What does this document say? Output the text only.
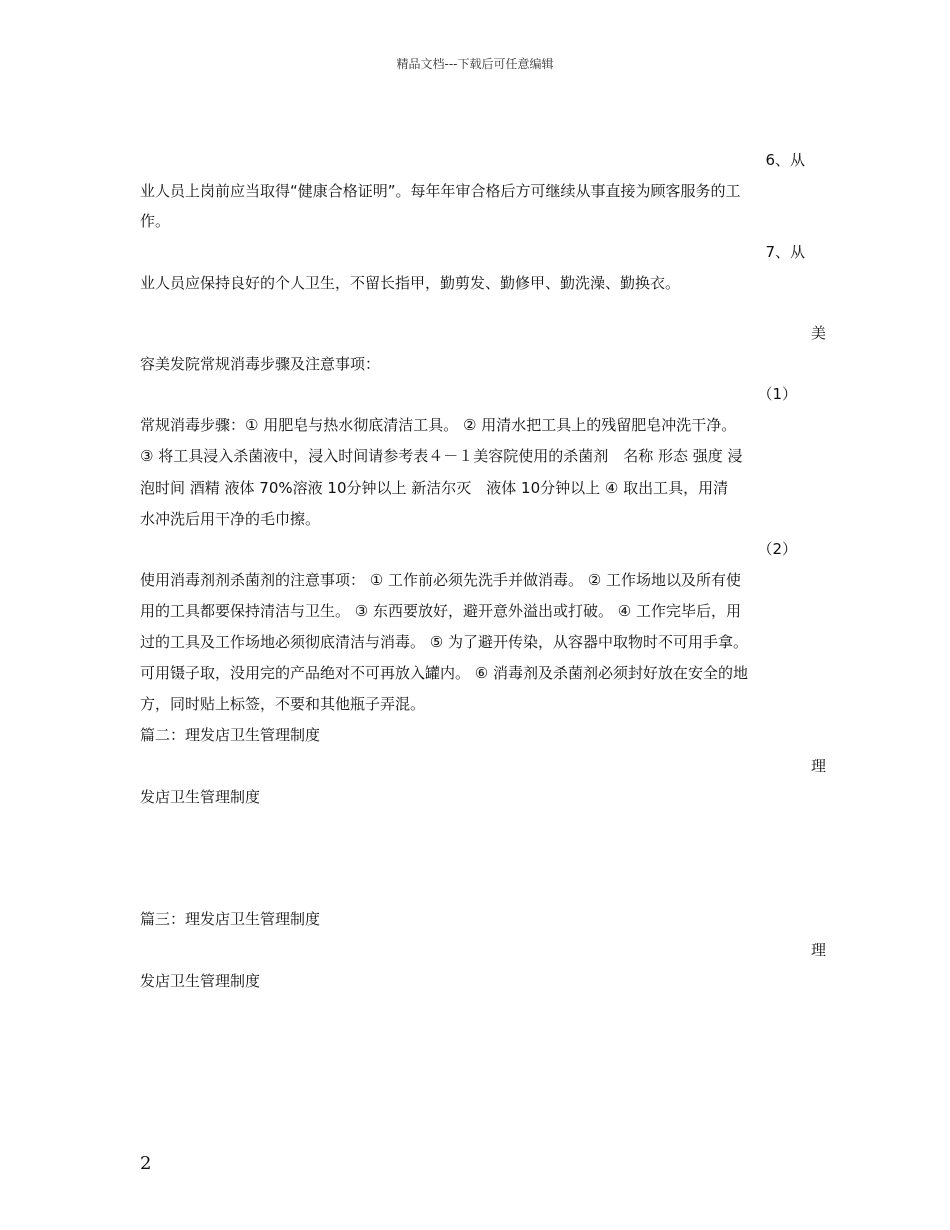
精品文档---下载后可任意编辑
6、从
业人员上岗前应当取得“健康合格证明”。每年年审合格后方可继续从事直接为顾客服务的工
作。
7、从
业人员应保持良好的个人卫生，不留长指甲，勤剪发、勤修甲、勤洗澡、勤换衣。
美
容美发院常规消毒步骤及注意事项：
（1）
常规消毒步骤：① 用肥皂与热水彻底清洁工具。 ② 用清水把工具上的残留肥皂冲洗干净。
③ 将工具浸入杀菌液中，浸入时间请参考表４－１美容院使用的杀菌剂　名称 形态 强度 浸
泡时间 酒精 液体 70%溶液 10分钟以上 新洁尔灭　液体 10分钟以上 ④ 取出工具，用清
水冲洗后用干净的毛巾擦。
（2）
使用消毒剂剂杀菌剂的注意事项： ① 工作前必须先洗手并做消毒。 ② 工作场地以及所有使
用的工具都要保持清洁与卫生。 ③ 东西要放好，避开意外溢出或打破。 ④ 工作完毕后，用
过的工具及工作场地必须彻底清洁与消毒。 ⑤ 为了避开传染，从容器中取物时不可用手拿。
可用镊子取，没用完的产品绝对不可再放入罐内。 ⑥ 消毒剂及杀菌剂必须封好放在安全的地
方，同时贴上标签，不要和其他瓶子弄混。
篇二：理发店卫生管理制度
理
发店卫生管理制度
篇三：理发店卫生管理制度
理
发店卫生管理制度
2
